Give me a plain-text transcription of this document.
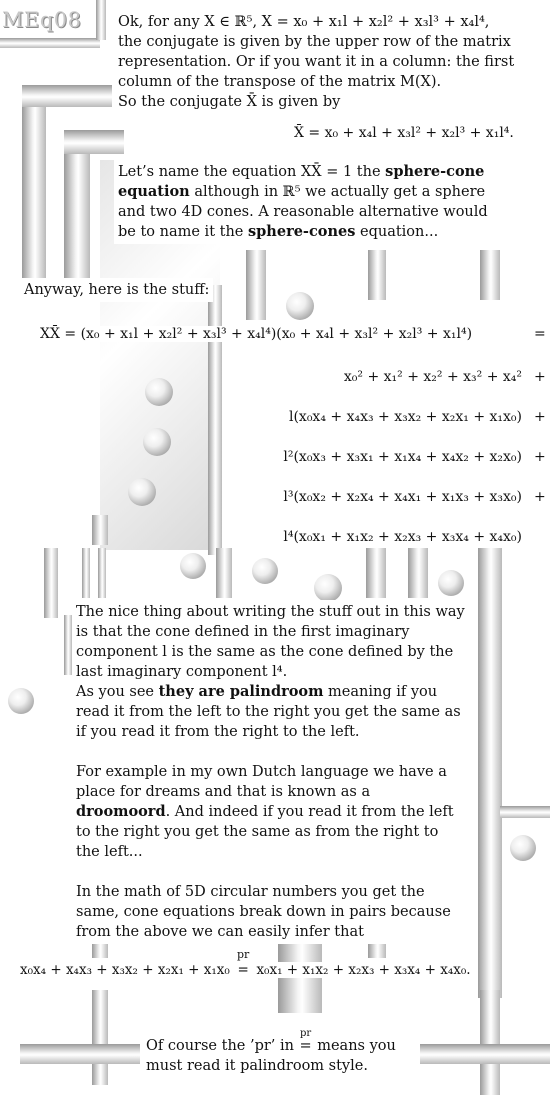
MEq08	Ok, for any X ∈ ℝ⁵, X = x₀ + x₁l + x₂l² + x₃l³ + x₄l⁴,
the conjugate is given by the upper row of the matrix
representation. Or if you want it in a column: the first
column of the transpose of the matrix M(X).
So the conjugate X̄ is given by
X̄ = x₀ + x₄l + x₃l² + x₂l³ + x₁l⁴.
Let’s name the equation XX̄ = 1 the sphere-cone equation although in ℝ⁵ we actually get a sphere and two 4D cones. A reasonable alternative would be to name it the sphere-cones equation...
Anyway, here is the stuff:
XX̄ = (x₀ + x₁l + x₂l² + x₃l³ + x₄l⁴)(x₀ + x₄l + x₃l² + x₂l³ + x₁l⁴)	=
x₀² + x₁² + x₂² + x₃² + x₄² +
l(x₀x₄ + x₄x₃ + x₃x₂ + x₂x₁ + x₁x₀) +
l²(x₀x₃ + x₃x₁ + x₁x₄ + x₄x₂ + x₂x₀) +
l³(x₀x₂ + x₂x₄ + x₄x₁ + x₁x₃ + x₃x₀) +
l⁴(x₀x₁ + x₁x₂ + x₂x₃ + x₃x₄ + x₄x₀)
The nice thing about writing the stuff out in this way is that the cone defined in the first imaginary component l is the same as the cone defined by the last imaginary component l⁴.
As you see they are palindroom meaning if you read it from the left to the right you get the same as if you read it from the right to the left.
For example in my own Dutch language we have a place for dreams and that is known as a droomoord. And indeed if you read it from the left to the right you get the same as from the right to the left...
In the math of 5D circular numbers you get the same, cone equations break down in pairs because from the above we can easily infer that
x₀x₄ + x₄x₃ + x₃x₂ + x₂x₁ + x₁x₀
pr
= x₀x₁ + x₁x₂ + x₂x₃ + x₃x₄ + x₄x₀.
Of course the ’pr’ in
pr
= means you must read it palindroom style.
